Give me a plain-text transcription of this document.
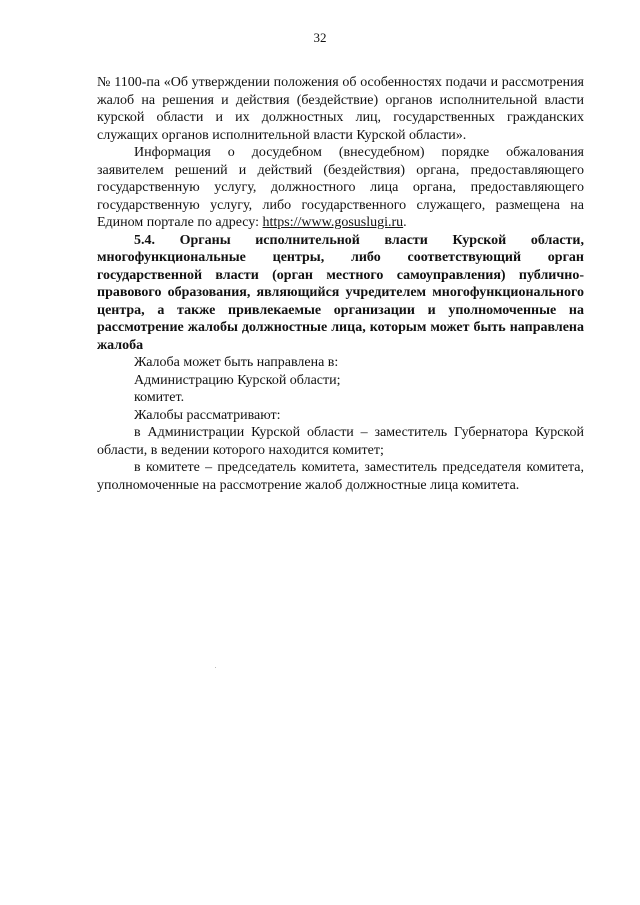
32

№ 1100-па «Об утверждении положения об особенностях подачи и рассмотрения жалоб на решения и действия (бездействие) органов исполнительной власти курской области и их должностных лиц, государственных гражданских служащих органов исполнительной власти Курской области».

Информация о досудебном (внесудебном) порядке обжалования заявителем решений и действий (бездействия) органа, предоставляющего государственную услугу, должностного лица органа, предоставляющего государственную услугу, либо государственного служащего, размещена на Едином портале по адресу: https://www.gosuslugi.ru.

5.4. Органы исполнительной власти Курской области, многофункциональные центры, либо соответствующий орган государственной власти (орган местного самоуправления) публично-правового образования, являющийся учредителем многофункционального центра, а также привлекаемые организации и уполномоченные на рассмотрение жалобы должностные лица, которым может быть направлена жалоба

Жалоба может быть направлена в:

Администрацию Курской области;

комитет.

Жалобы рассматривают:

в Администрации Курской области – заместитель Губернатора Курской области, в ведении которого находится комитет;

в комитете – председатель комитета, заместитель председателя комитета, уполномоченные на рассмотрение жалоб должностные лица комитета.
